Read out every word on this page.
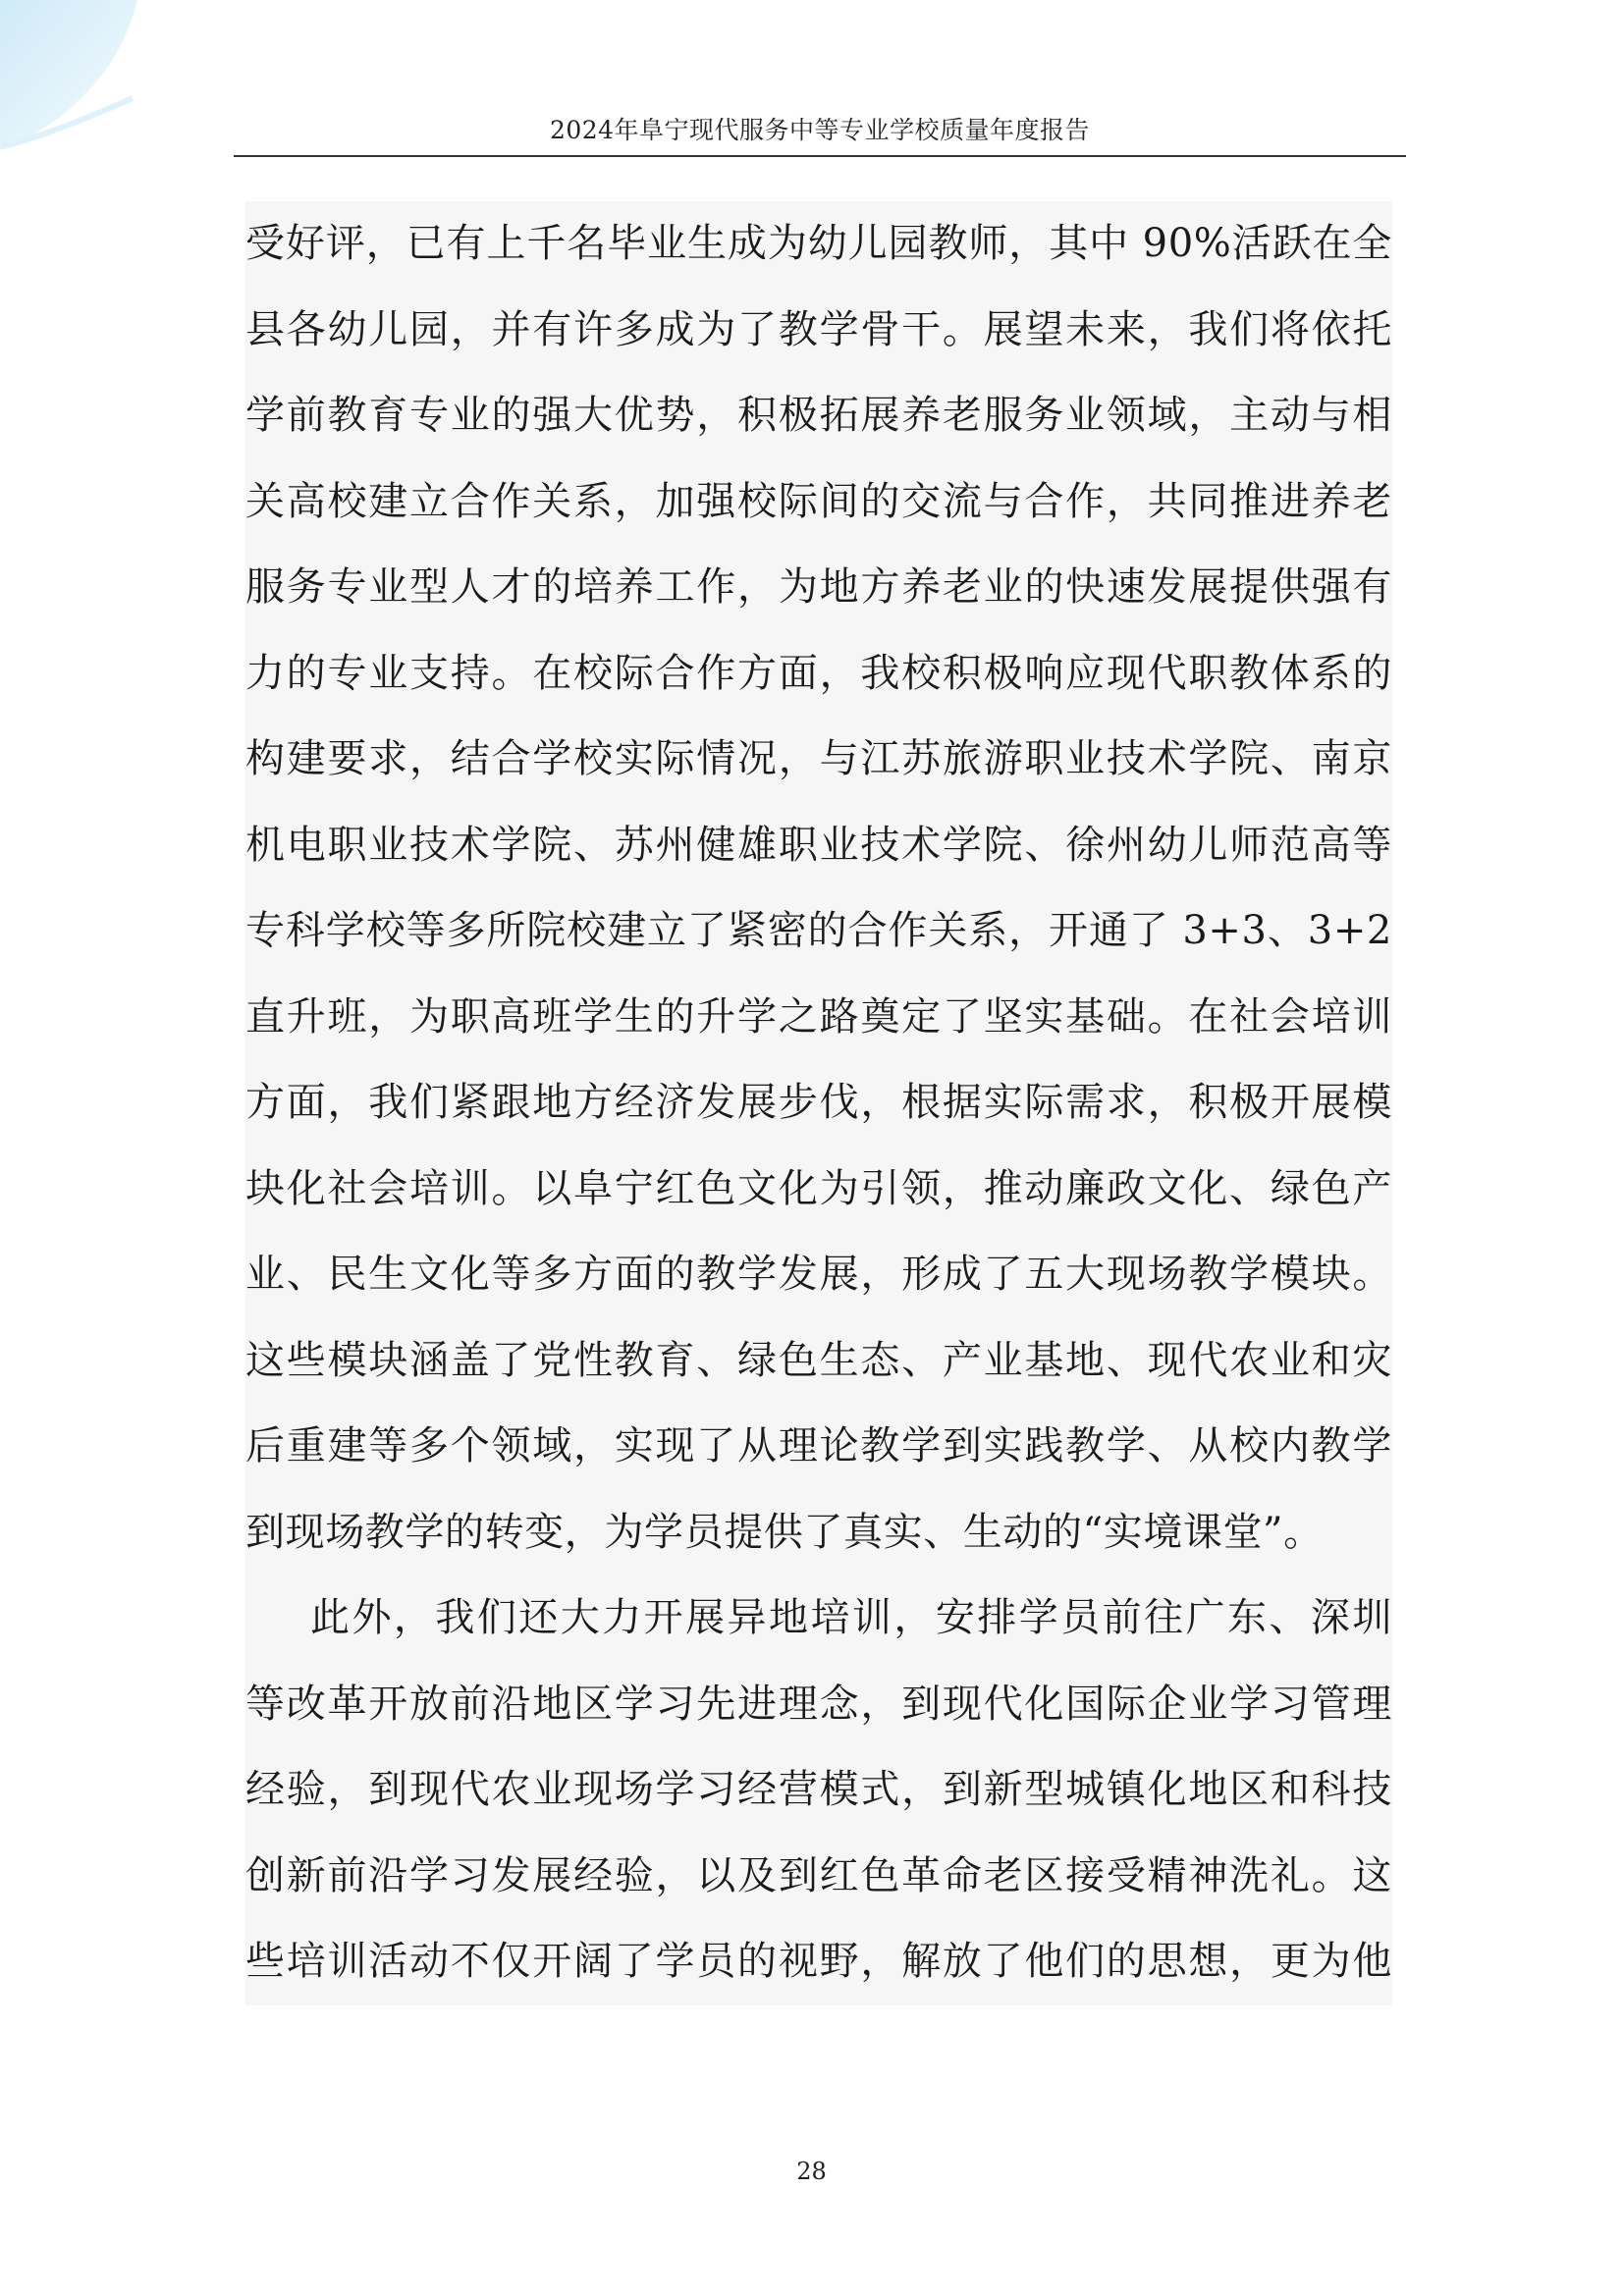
2024年阜宁现代服务中等专业学校质量年度报告
受好评，已有上千名毕业生成为幼儿园教师，其中 90%活跃在全
县各幼儿园，并有许多成为了教学骨干。展望未来，我们将依托
学前教育专业的强大优势，积极拓展养老服务业领域，主动与相
关高校建立合作关系，加强校际间的交流与合作，共同推进养老
服务专业型人才的培养工作，为地方养老业的快速发展提供强有
力的专业支持。在校际合作方面，我校积极响应现代职教体系的
构建要求，结合学校实际情况，与江苏旅游职业技术学院、南京
机电职业技术学院、苏州健雄职业技术学院、徐州幼儿师范高等
专科学校等多所院校建立了紧密的合作关系，开通了 3+3、3+2
直升班，为职高班学生的升学之路奠定了坚实基础。在社会培训
方面，我们紧跟地方经济发展步伐，根据实际需求，积极开展模
块化社会培训。以阜宁红色文化为引领，推动廉政文化、绿色产
业、民生文化等多方面的教学发展，形成了五大现场教学模块。
这些模块涵盖了党性教育、绿色生态、产业基地、现代农业和灾
后重建等多个领域，实现了从理论教学到实践教学、从校内教学
到现场教学的转变，为学员提供了真实、生动的“实境课堂”。
此外，我们还大力开展异地培训，安排学员前往广东、深圳
等改革开放前沿地区学习先进理念，到现代化国际企业学习管理
经验，到现代农业现场学习经营模式，到新型城镇化地区和科技
创新前沿学习发展经验，以及到红色革命老区接受精神洗礼。这
些培训活动不仅开阔了学员的视野，解放了他们的思想，更为他
28
